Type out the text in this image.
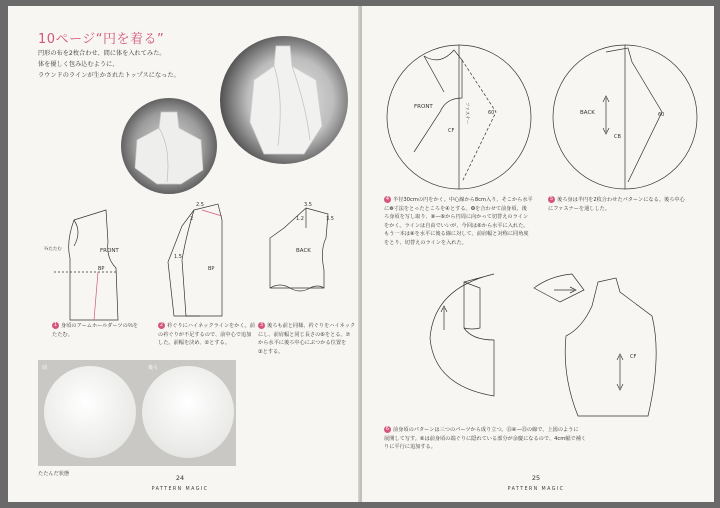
10ページ“円を着る”
円形の布を2枚合わせ、間に体を入れてみた。
体を優しく包み込むように、
ラウンドのラインが生かされたトップスになった。
FRONT
BP
⅔たたむ
2.5
2
1.5
BP
3.5
1.2	3.5
BACK
1 身頃のアームホールダーツの⅔をたたむ。
2 衿ぐりにハイネックラインをかく。前
の衿ぐりが不足するので、前中心で追加
した。前幅を決め、②とする。
3 後ろも前と同様、衿ぐりをハイネック
にし、前肩幅と同じ長さの⑥をとる。⑦
から水平に後ろ中心にぶつかる位置を
③とする。
前	後ろ
たたんだ状態	24
PATTERN MAGIC
FRONT
CF
60
ファスナー	BACK
CB
60
4 半径30cmの円をかく。中心線から8cm入り、そこから水平
に❁寸法をとったところを④とする。❂を合わせて前身頃、後
ろ身頃を写し取り、⑧—⑥から円周に向かって切替えのライン
をかく。ラインは自由でいいが、今回は⑥から水平に入れた。
もう一本は⑧を水平に後る線に対して、前肩幅と対称に同角度
をとり、切替えのラインを入れた。
5 後ろ身は半円を2枚合わせたパターンになる。後ろ中心
にファスナーを通しした。
CF
6 前身頃のパターンは三つのパーツから成り立つ。⑮④—⑮の線で、上図のように
展開して写す。⑥は前身頃の端ぐりに隠れている部分が余慶になるので、4cm幅で補く
りに平行に追加する。
25
PATTERN MAGIC
